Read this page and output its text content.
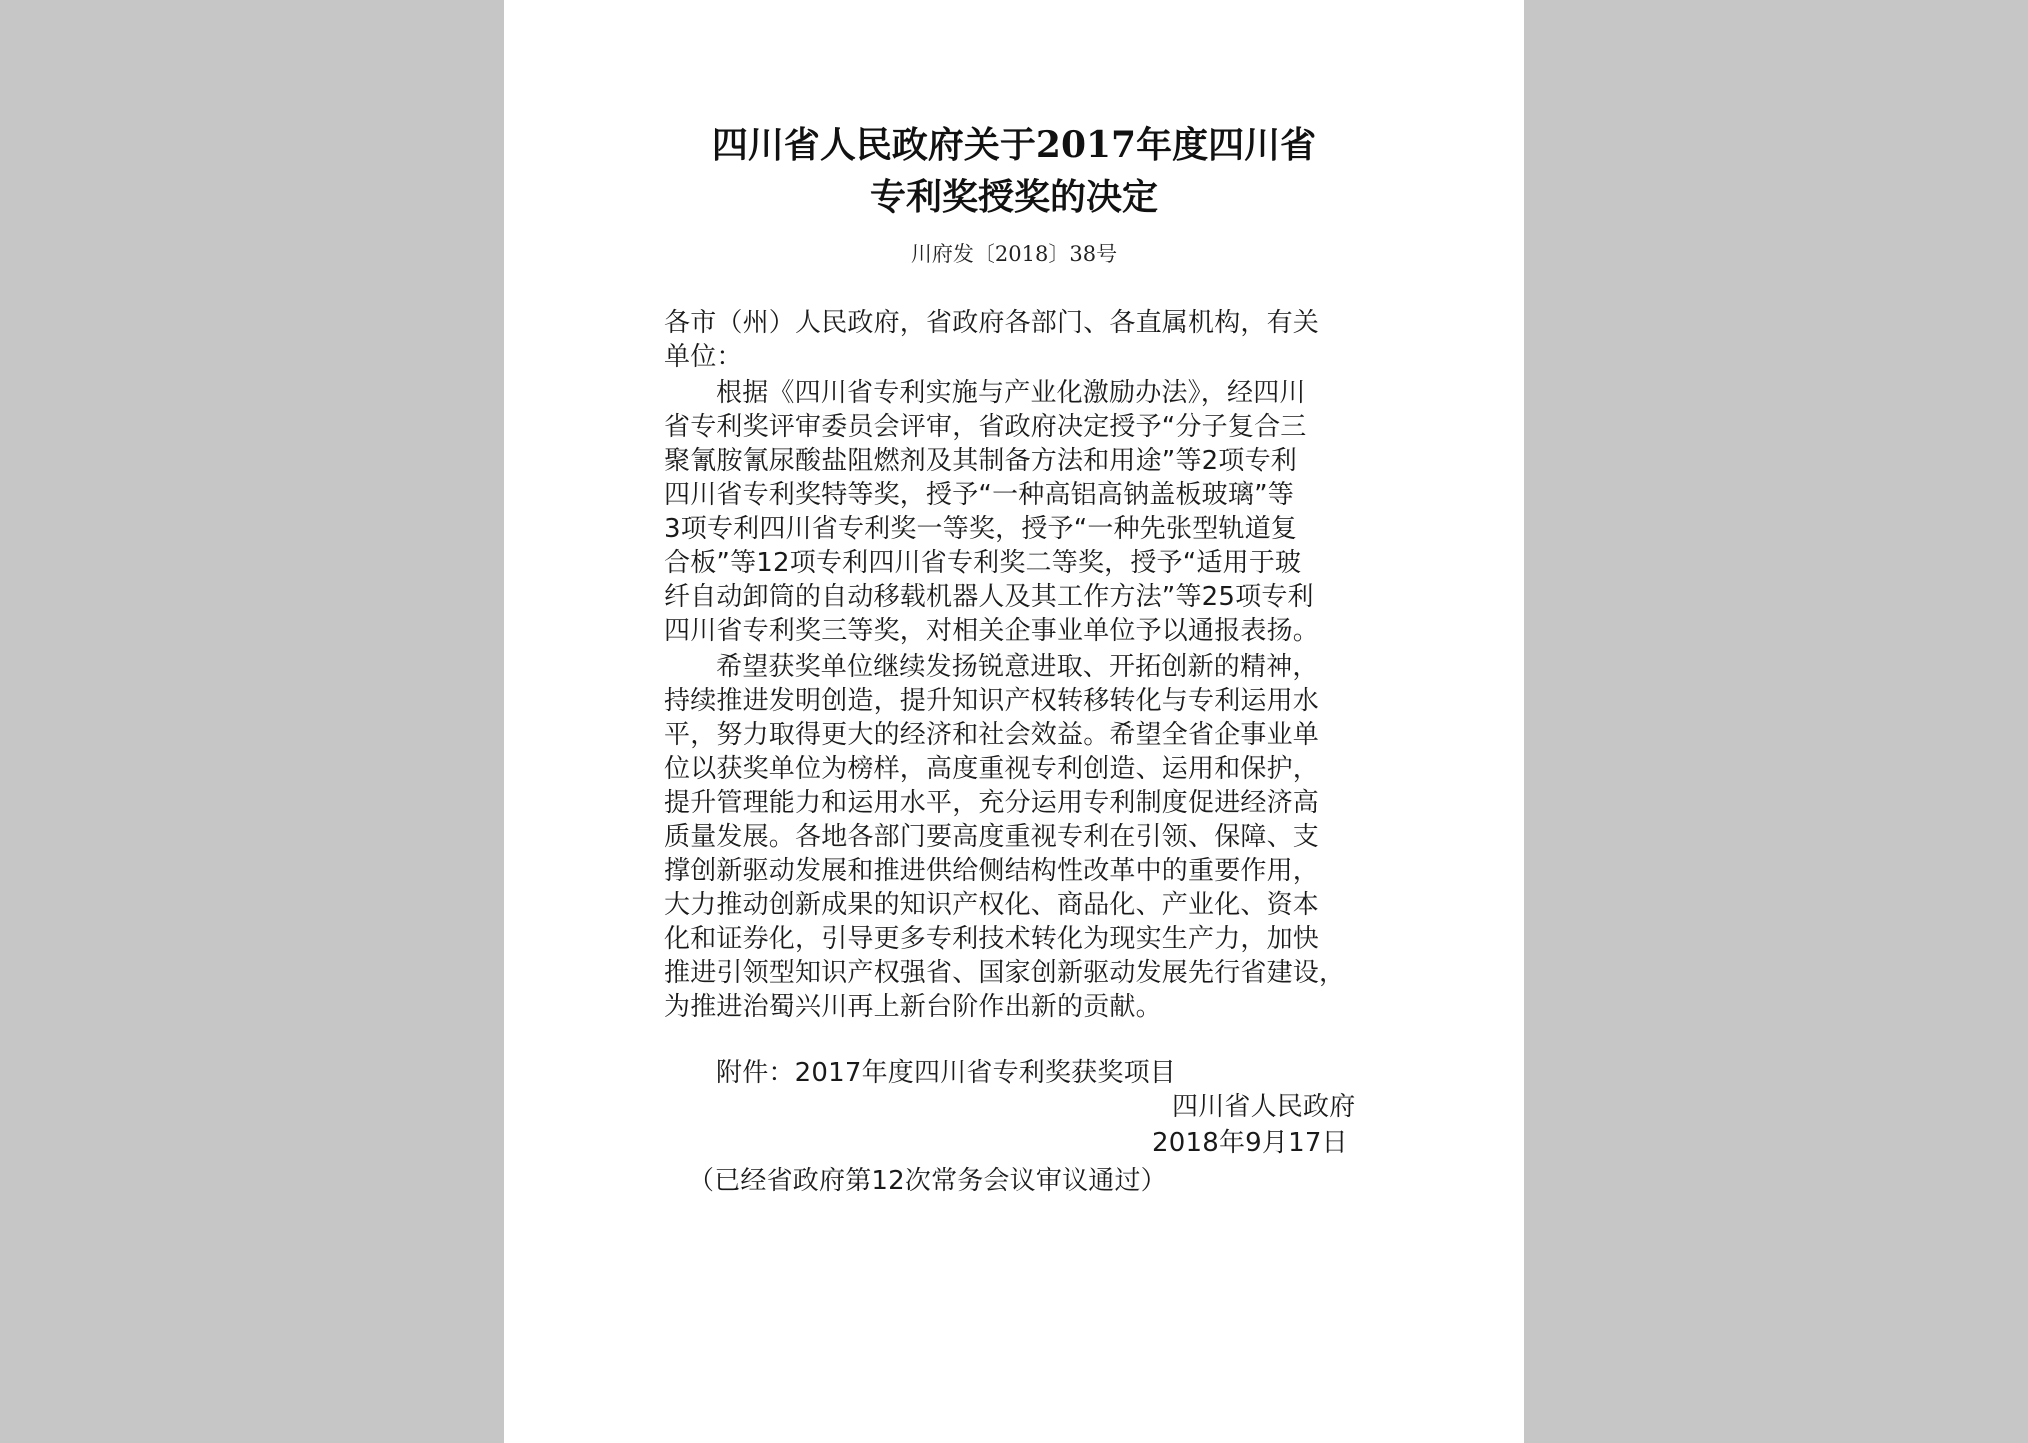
四川省人民政府关于2017年度四川省
专利奖授奖的决定
川府发〔2018〕38号
各市（州）人民政府，省政府各部门、各直属机构，有关
单位：
根据《四川省专利实施与产业化激励办法》，经四川
省专利奖评审委员会评审，省政府决定授予“分子复合三
聚氰胺氰尿酸盐阻燃剂及其制备方法和用途”等2项专利
四川省专利奖特等奖，授予“一种高铝高钠盖板玻璃”等
3项专利四川省专利奖一等奖，授予“一种先张型轨道复
合板”等12项专利四川省专利奖二等奖，授予“适用于玻
纤自动卸筒的自动移载机器人及其工作方法”等25项专利
四川省专利奖三等奖，对相关企事业单位予以通报表扬。
希望获奖单位继续发扬锐意进取、开拓创新的精神，
持续推进发明创造，提升知识产权转移转化与专利运用水
平，努力取得更大的经济和社会效益。希望全省企事业单
位以获奖单位为榜样，高度重视专利创造、运用和保护，
提升管理能力和运用水平，充分运用专利制度促进经济高
质量发展。各地各部门要高度重视专利在引领、保障、支
撑创新驱动发展和推进供给侧结构性改革中的重要作用，
大力推动创新成果的知识产权化、商品化、产业化、资本
化和证券化，引导更多专利技术转化为现实生产力，加快
推进引领型知识产权强省、国家创新驱动发展先行省建设，
为推进治蜀兴川再上新台阶作出新的贡献。
附件：2017年度四川省专利奖获奖项目
四川省人民政府
2018年9月17日
（已经省政府第12次常务会议审议通过）
